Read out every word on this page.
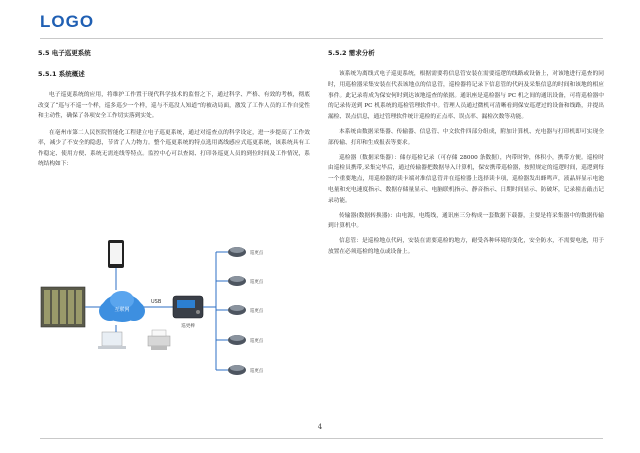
LOGO
5.5 电子巡更系统
5.5.1 系统概述

电子巡更系统的应用，将维护工作置于现代科学技术的监督之下，通过科学、严格、有效的考核，彻底改变了“巡与不巡一个样，巡多巡少一个样，巡与不巡没人知道”的被动局面，激发了工作人员的工作自觉性和主动性，确保了各项安全工作切实落到实处。

在亳州市第二人民医院智能化工程建立电子巡更系统，通过对巡查点的科学设定，进一步提高了工作效率，减少了不安全的隐患，节省了人力物力。整个巡更系统的特点选用离线感应式巡更系统，该系统具有工作稳定、使用方便、系统无需连线等特点。监控中心可以查阅、打印各巡更人员的到位时间及工作情况，系统结构如下：

互联网
USB
巡更棒
巡更点
巡更点
巡更点
巡更点
巡更点
5.5.2 需求分析

该系统为离线式电子巡更系统，根据需要将信息管安装在需要巡逻的线路或设备上，对该地进行巡查的同时，用巡检器采集安装在代表该地点的信息管，巡检器将记录下信息管的代码及采集信息的时间和该地的相应事件。此记录将成为保安何时到达该地巡查的依据。通讯座是巡检器与 PC 机之间的通讯设备，可将巡检器中的记录传送到 PC 机系统的巡检管理软件中。管理人员通过微机可清晰看到保安巡逻过的设备和线路，并提出漏检、误点信息，通过管理软件统计巡检的正点率、误点率、漏检次数等功能。

本系统由数据采集器、传输器、信息管、中文软件四部分组成，附加计算机、充电器与打印机即可实现全部传输、打印和生成报表等要求。

巡检器（数据采集器）：储存巡检记录（可存储 28000 条数据），内带时钟，体积小，携带方便。巡检时由巡检员携带,采集完毕后，通过传输器把数据导入计算机，保安携带巡检器，按照规定的巡逻时间，巡逻到每一个重要地点，用巡检器的读卡端对准信息管并在巡检器上选择读卡项，巡检器发出蜂鸣声，液晶屏显示电池电量和充电速度指示、数据存储量显示、电脑联机指示、静音指示、日期时间显示、防破坏，记录撞击敲击记录功能。

传输器(数据转换器)：由电源，电缆线，通讯座三分构成一套数据下载器，主要是将采集器中的数据传输到计算机中。

信息管：是巡检地点代码，安装在需要巡检的地方，耐受各种环境的变化，安全防水，不需要电池，用于放置在必须巡检的地点或设备上。

4
